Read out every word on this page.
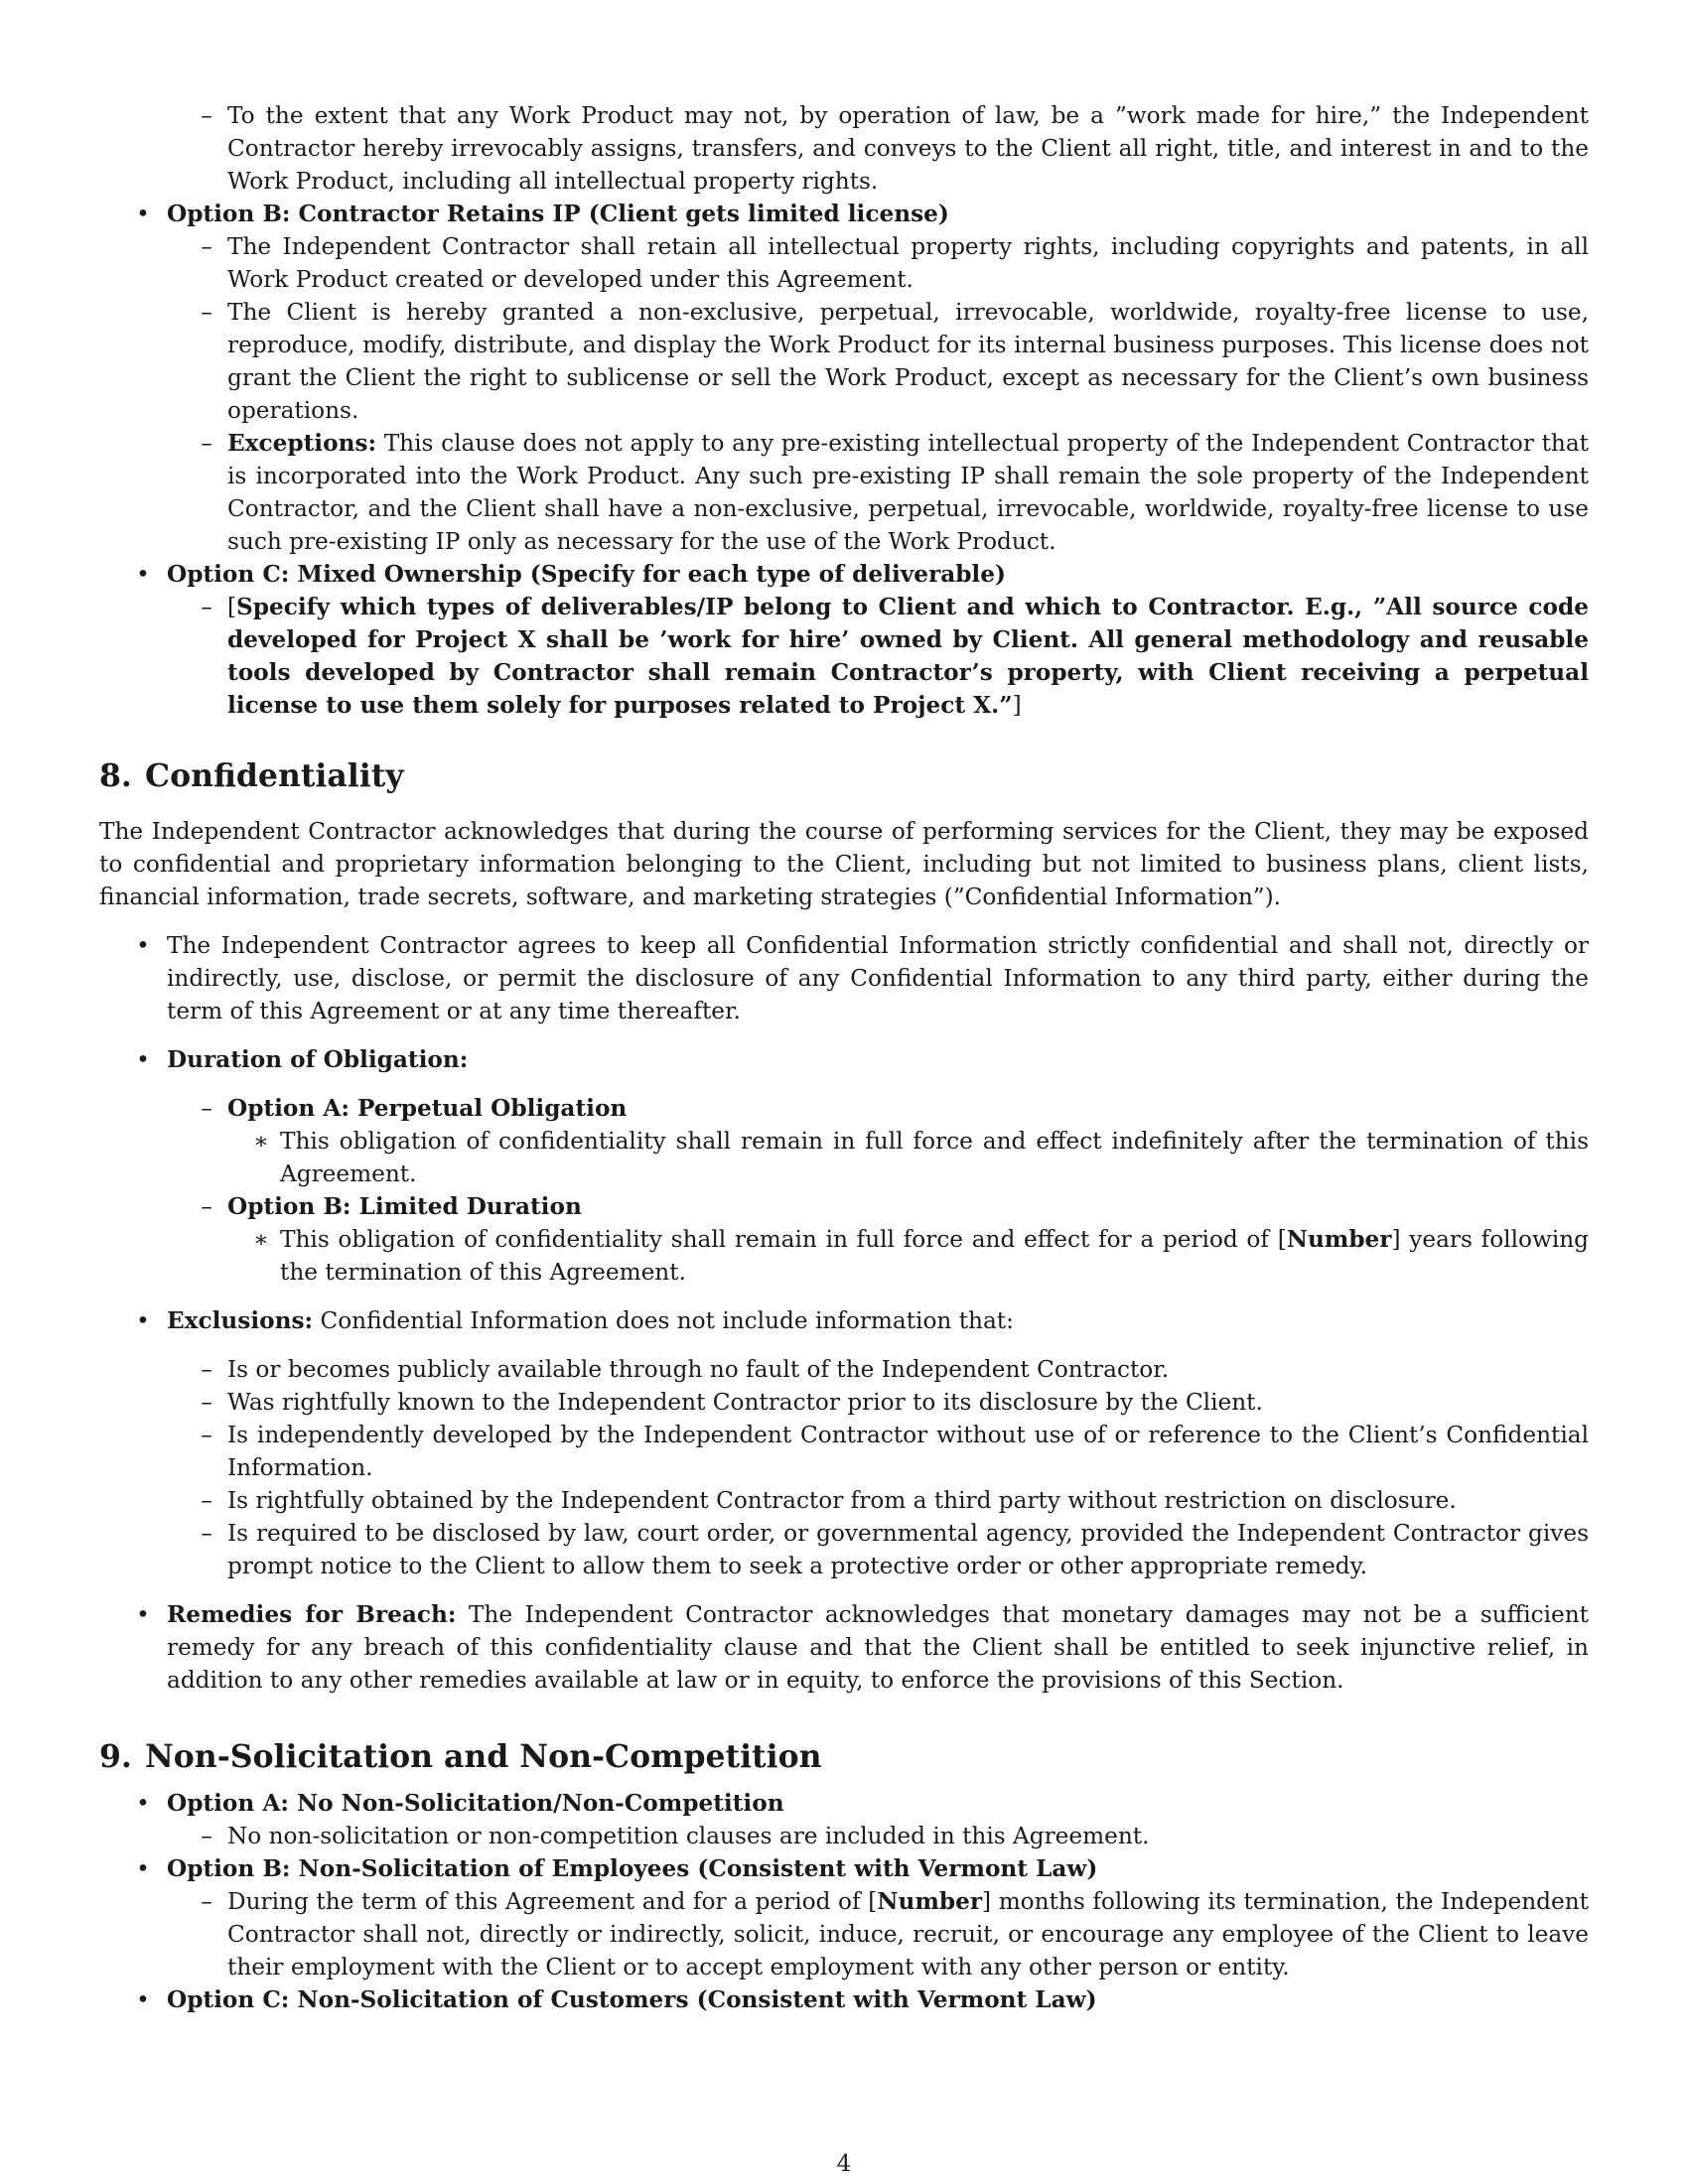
– To the extent that any Work Product may not, by operation of law, be a ”work made for hire,” the Independent Contractor hereby irrevocably assigns, transfers, and conveys to the Client all right, title, and interest in and to the Work Product, including all intellectual property rights.
• Option B: Contractor Retains IP (Client gets limited license)
– The Independent Contractor shall retain all intellectual property rights, including copyrights and patents, in all Work Product created or developed under this Agreement.
– The Client is hereby granted a non-exclusive, perpetual, irrevocable, worldwide, royalty-free license to use, reproduce, modify, distribute, and display the Work Product for its internal business purposes. This license does not grant the Client the right to sublicense or sell the Work Product, except as necessary for the Client’s own business operations.
– Exceptions: This clause does not apply to any pre-existing intellectual property of the Independent Contractor that is incorporated into the Work Product. Any such pre-existing IP shall remain the sole property of the Independent Contractor, and the Client shall have a non-exclusive, perpetual, irrevocable, worldwide, royalty-free license to use such pre-existing IP only as necessary for the use of the Work Product.
• Option C: Mixed Ownership (Specify for each type of deliverable)
– [Specify which types of deliverables/IP belong to Client and which to Contractor. E.g., ”All source code developed for Project X shall be ’work for hire’ owned by Client. All general methodology and reusable tools developed by Contractor shall remain Contractor’s property, with Client receiving a perpetual license to use them solely for purposes related to Project X.”]
8. Confidentiality

The Independent Contractor acknowledges that during the course of performing services for the Client, they may be exposed to confidential and proprietary information belonging to the Client, including but not limited to business plans, client lists, financial information, trade secrets, software, and marketing strategies (”Confidential Information”).

• The Independent Contractor agrees to keep all Confidential Information strictly confidential and shall not, directly or indirectly, use, disclose, or permit the disclosure of any Confidential Information to any third party, either during the term of this Agreement or at any time thereafter.
• Duration of Obligation:
– Option A: Perpetual Obligation
∗ This obligation of confidentiality shall remain in full force and effect indefinitely after the termination of this Agreement.
– Option B: Limited Duration
∗ This obligation of confidentiality shall remain in full force and effect for a period of [Number] years following the termination of this Agreement.
• Exclusions: Confidential Information does not include information that:
– Is or becomes publicly available through no fault of the Independent Contractor.
– Was rightfully known to the Independent Contractor prior to its disclosure by the Client.
– Is independently developed by the Independent Contractor without use of or reference to the Client’s Confidential Information.
– Is rightfully obtained by the Independent Contractor from a third party without restriction on disclosure.
– Is required to be disclosed by law, court order, or governmental agency, provided the Independent Contractor gives prompt notice to the Client to allow them to seek a protective order or other appropriate remedy.
• Remedies for Breach: The Independent Contractor acknowledges that monetary damages may not be a sufficient remedy for any breach of this confidentiality clause and that the Client shall be entitled to seek injunctive relief, in addition to any other remedies available at law or in equity, to enforce the provisions of this Section.
9. Non-Solicitation and Non-Competition
• Option A: No Non-Solicitation/Non-Competition
– No non-solicitation or non-competition clauses are included in this Agreement.
• Option B: Non-Solicitation of Employees (Consistent with Vermont Law)
– During the term of this Agreement and for a period of [Number] months following its termination, the Independent Contractor shall not, directly or indirectly, solicit, induce, recruit, or encourage any employee of the Client to leave their employment with the Client or to accept employment with any other person or entity.
• Option C: Non-Solicitation of Customers (Consistent with Vermont Law)
4
